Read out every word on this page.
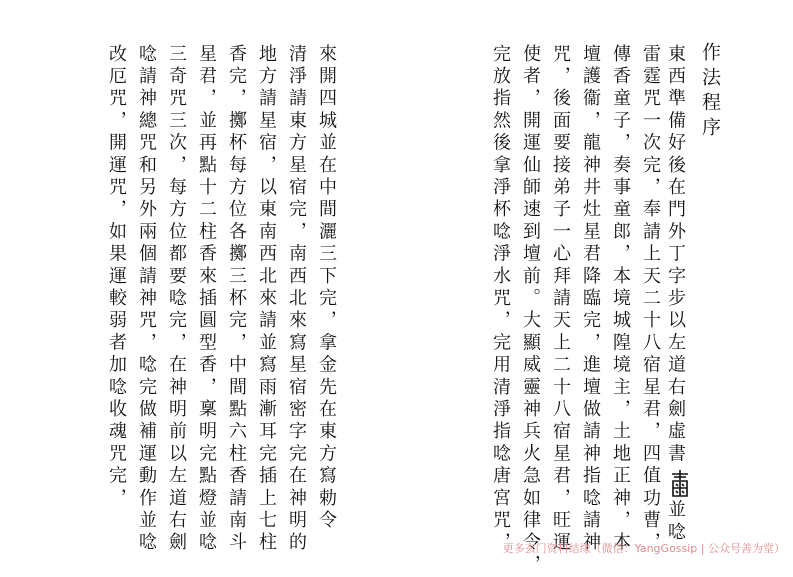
作法程序
東西準備好後在門外丁字步以左道右劍虛書
並唸
雷霆咒一次完，奉請上天二十八宿星君，四值功曹，
傳香童子，奏事童郎，本境城隍境主，土地正神，本
壇護衞，龍神井灶星君降臨完，進壇做請神指唸請神
咒，後面要接弟子一心拜請天上二十八宿星君，旺運
使者，開運仙師速到壇前。大顯威靈神兵火急如律令，
完放指然後拿淨杯唸淨水咒，完用清淨指唸唐宮咒，
來開四城並在中間灑三下完，拿金先在東方寫勅令
清淨請東方星宿完，南西北來寫星宿密字完在神明的
地方請星宿，以東南西北來請並寫雨漸耳完插上七柱
香完，擲杯每方位各擲三杯完，中間點六柱香請南斗
星君，並再點十二柱香來插圓型香，稟明完點燈並唸
三奇咒三次，每方位都要唸完，在神明前以左道右劍
唸請神總咒和另外兩個請神咒，唸完做補運動作並唸
改厄咒，開運咒，如果運較弱者加唸收魂咒完，
更多玄门资料结缘（微信：YangGossip | 公众号善为堂）
